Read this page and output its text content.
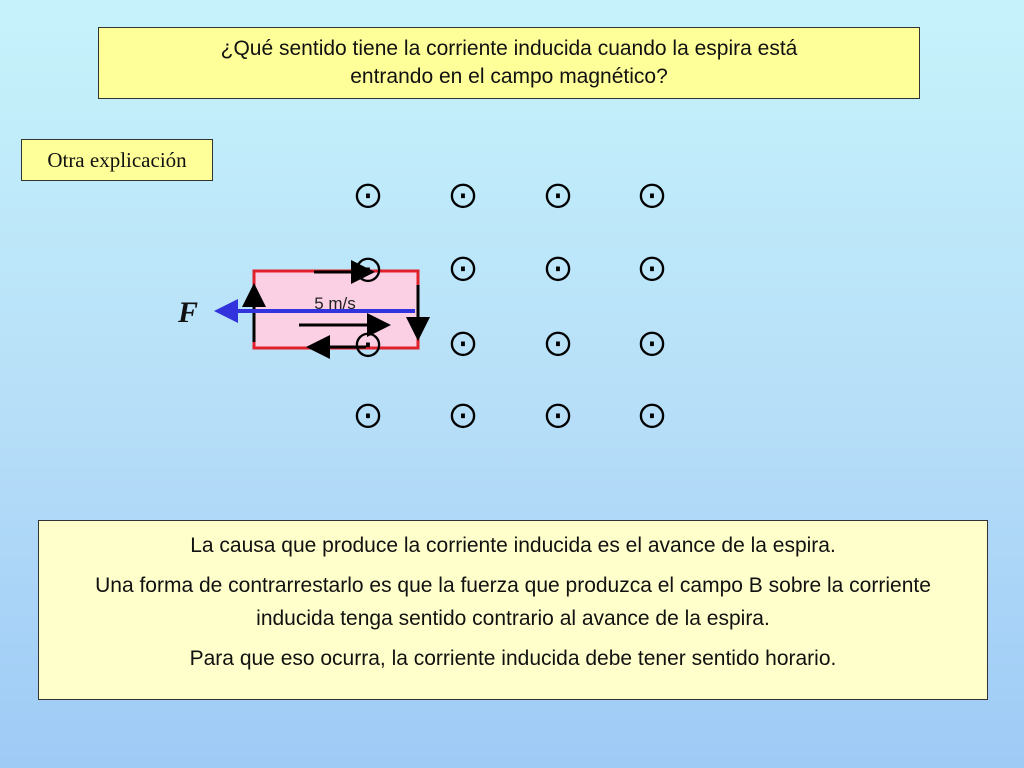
¿Qué sentido tiene la corriente inducida cuando la espira está
entrando en el campo magnético?
Otra explicación
⨀	⨀	⨀	⨀
⨀	⨀	⨀
⨀	⨀	⨀
⨀	⨀	⨀	⨀
⨀
⨀
5 m/s
F

La causa que produce la corriente inducida es el avance de la espira.

Una forma de contrarrestarlo es que la fuerza que produzca el campo B sobre la corriente inducida tenga sentido contrario al avance de la espira.

Para que eso ocurra, la corriente inducida debe tener sentido horario.
